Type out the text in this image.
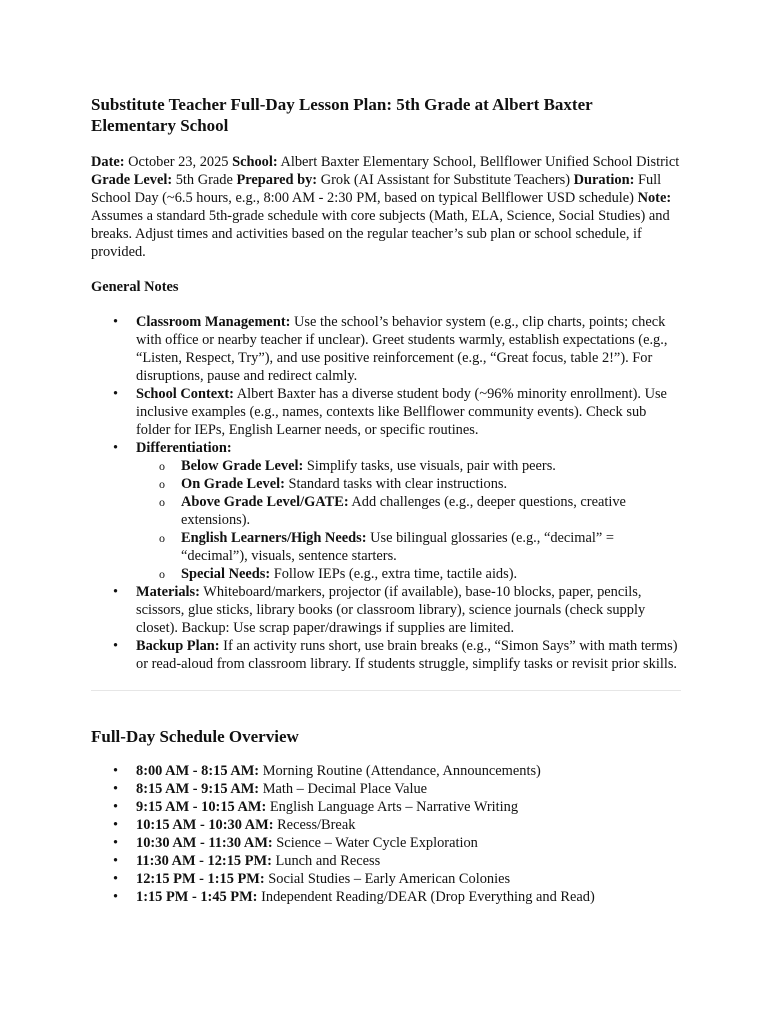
Substitute Teacher Full-Day Lesson Plan: 5th Grade at Albert Baxter Elementary School

Date: October 23, 2025 School: Albert Baxter Elementary School, Bellflower Unified School District Grade Level: 5th Grade Prepared by: Grok (AI Assistant for Substitute Teachers) Duration: Full School Day (~6.5 hours, e.g., 8:00 AM - 2:30 PM, based on typical Bellflower USD schedule) Note: Assumes a standard 5th-grade schedule with core subjects (Math, ELA, Science, Social Studies) and breaks. Adjust times and activities based on the regular teacher’s sub plan or school schedule, if provided.

General Notes
•	Classroom Management: Use the school’s behavior system (e.g., clip charts, points; check with office or nearby teacher if unclear). Greet students warmly, establish expectations (e.g., “Listen, Respect, Try”), and use positive reinforcement (e.g., “Great focus, table 2!”). For disruptions, pause and redirect calmly.
•	School Context: Albert Baxter has a diverse student body (~96% minority enrollment). Use inclusive examples (e.g., names, contexts like Bellflower community events). Check sub folder for IEPs, English Learner needs, or specific routines.
•	Differentiation:
o Below Grade Level: Simplify tasks, use visuals, pair with peers.
o On Grade Level: Standard tasks with clear instructions.
o Above Grade Level/GATE: Add challenges (e.g., deeper questions, creative extensions).
o English Learners/High Needs: Use bilingual glossaries (e.g., “decimal” = “decimal”), visuals, sentence starters.
o Special Needs: Follow IEPs (e.g., extra time, tactile aids).
•	Materials: Whiteboard/markers, projector (if available), base-10 blocks, paper, pencils, scissors, glue sticks, library books (or classroom library), science journals (check supply closet). Backup: Use scrap paper/drawings if supplies are limited.
•	Backup Plan: If an activity runs short, use brain breaks (e.g., “Simon Says” with math terms) or read-aloud from classroom library. If students struggle, simplify tasks or revisit prior skills.
Full-Day Schedule Overview
•	8:00 AM - 8:15 AM: Morning Routine (Attendance, Announcements)
•	8:15 AM - 9:15 AM: Math – Decimal Place Value
•	9:15 AM - 10:15 AM: English Language Arts – Narrative Writing
•	10:15 AM - 10:30 AM: Recess/Break
•	10:30 AM - 11:30 AM: Science – Water Cycle Exploration
•	11:30 AM - 12:15 PM: Lunch and Recess
•	12:15 PM - 1:15 PM: Social Studies – Early American Colonies
•	1:15 PM - 1:45 PM: Independent Reading/DEAR (Drop Everything and Read)
